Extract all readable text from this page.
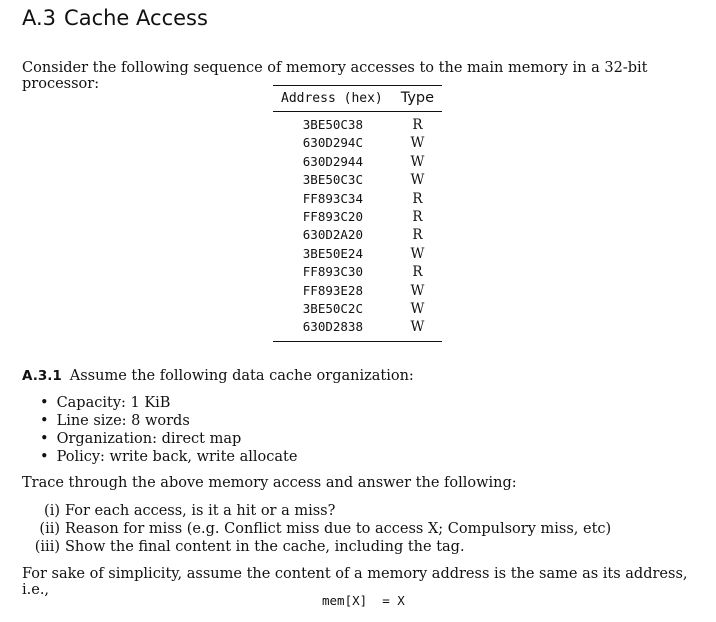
A.3 Cache Access
Consider the following sequence of memory accesses to the main memory in a 32-bit processor:
Address (hex)	Type
3BE50C38	R
630D294C	W
630D2944	W
3BE50C3C	W
FF893C34	R
FF893C20	R
630D2A20	R
3BE50E24	W
FF893C30	R
FF893E28	W
3BE50C2C	W
630D2838	W
A.3.1 Assume the following data cache organization:
• Capacity: 1 KiB
• Line size: 8 words
• Organization: direct map
• Policy: write back, write allocate
Trace through the above memory access and answer the following:
(i) For each access, is it a hit or a miss?
(ii) Reason for miss (e.g. Conflict miss due to access X; Compulsory miss, etc)
(iii) Show the final content in the cache, including the tag.
For sake of simplicity, assume the content of a memory address is the same as its address, i.e.,
mem[X]  = X
